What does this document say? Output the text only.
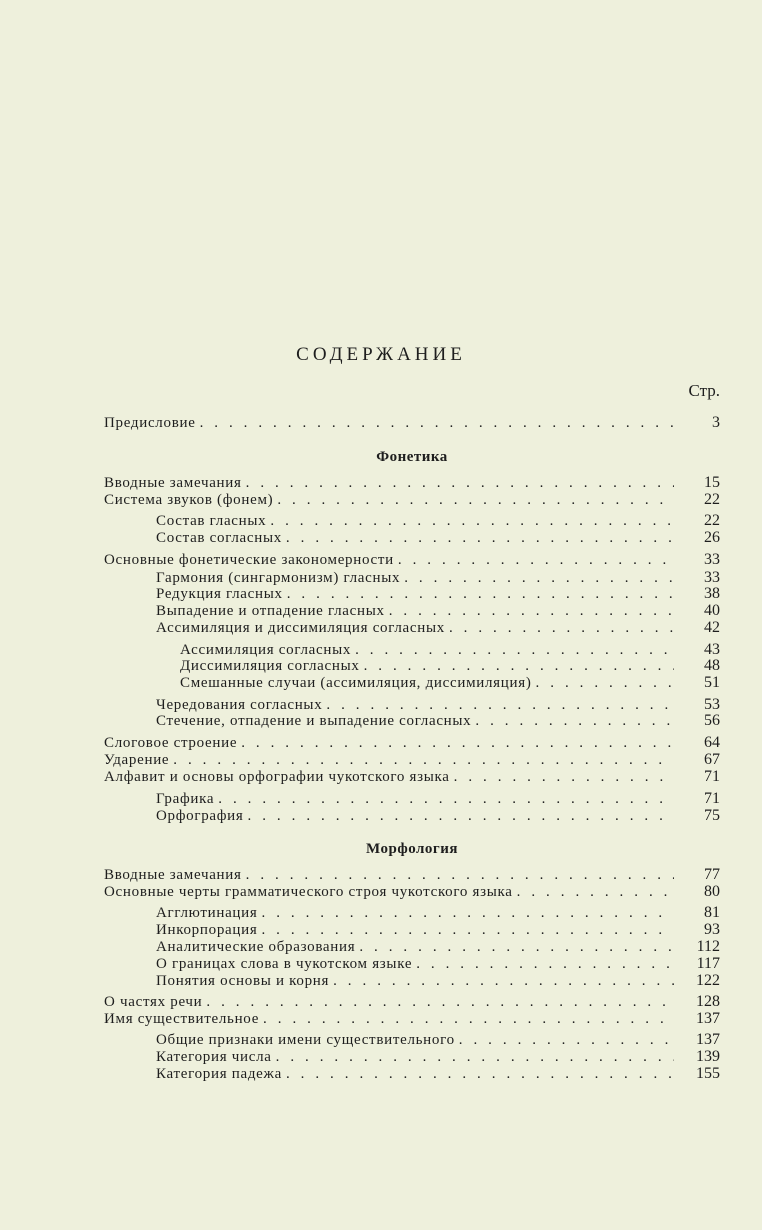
СОДЕРЖАНИЕ
Стр.
Предисловие . . .	3
Вводные замечания . . .	15
Система звуков (фонем) . . .	22
Состав гласных . . .	22
Состав согласных . . .	26
Основные фонетические закономерности . . .	33
Гармония (сингармонизм) гласных . . .	33
Редукция гласных . . .	38
Выпадение и отпадение гласных . . .	40
Ассимиляция и диссимиляция согласных . . .	42
Ассимиляция согласных . . .	43
Диссимиляция согласных . . .	48
Смешанные случаи (ассимиляция, диссимиляция) . . .	51
Чередования согласных . . .	53
Стечение, отпадение и выпадение согласных . . .	56
Слоговое строение . . .	64
Ударение . . .	67
Алфавит и основы орфографии чукотского языка . . .	71
Графика . . .	71
Орфография . . .	75
Вводные замечания . . .	77
Основные черты грамматического строя чукотского языка . . .	80
Агглютинация . . .	81
Инкорпорация . . .	93
Аналитические образования . . .	112
О границах слова в чукотском языке . . .	117
Понятия основы и корня . . .	122
О частях речи . . .	128
Имя существительное . . .	137
Общие признаки имени существительного . . .	137
Категория числа . . .	139
Категория падежа . . .	155
Фонетика
Морфология
